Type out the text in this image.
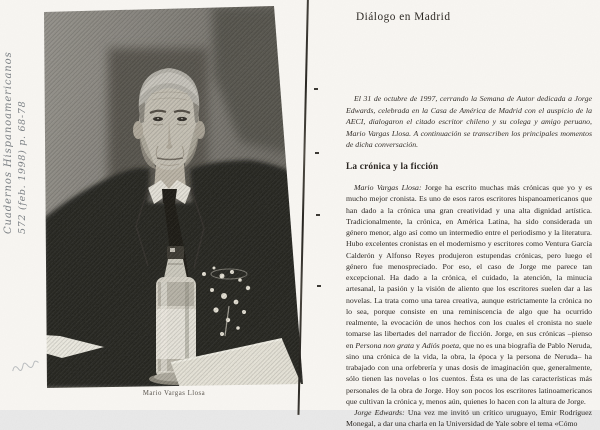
Cuadernos Hispanoamericanos 572 (feb. 1998) p. 68-78
Mario Vargas Llosa
Diálogo en Madrid
El 31 de octubre de 1997, cerrando la Semana de Autor dedicada a Jorge Edwards, celebrada en la Casa de América de Madrid con el auspicio de la AECI, dialogaron el citado escritor chileno y su colega y amigo peruano, Mario Vargas Llosa. A continuación se transcriben los principales momentos de dicha conversación.
La crónica y la ficción

Mario Vargas Llosa: Jorge ha escrito muchas más crónicas que yo y es mucho mejor cronista. Es uno de esos raros escritores hispanoamericanos que han dado a la crónica una gran creatividad y una alta dignidad artística. Tradicionalmente, la crónica, en América Latina, ha sido considerada un género menor, algo así como un intermedio entre el periodismo y la literatura. Hubo excelentes cronistas en el modernismo y escritores como Ventura García Calderón y Alfonso Reyes produjeron estupendas crónicas, pero luego el género fue menospreciado. Por eso, el caso de Jorge me parece tan excepcional. Ha dado a la crónica, el cuidado, la atención, la minucia artesanal, la pasión y la visión de aliento que los escritores suelen dar a las novelas. La trata como una tarea creativa, aunque estrictamente la crónica no lo sea, porque consiste en una reminiscencia de algo que ha ocurrido realmente, la evocación de unos hechos con los cuales el cronista no suele tomarse las libertades del narrador de ficción. Jorge, en sus crónicas –pienso en Persona non grata y Adiós poeta, que no es una biografía de Pablo Neruda, sino una crónica de la vida, la obra, la época y la persona de Neruda– ha trabajado con una orfebrería y unas dosis de imaginación que, generalmente, sólo tienen las novelas o los cuentos. Ésta es una de las características más personales de la obra de Jorge. Hoy son pocos los escritores latinoamericanos que cultivan la crónica y, menos aún, quienes lo hacen con la altura de Jorge.

Jorge Edwards: Una vez me invitó un crítico uruguayo, Emir Rodríguez Monegal, a dar una charla en la Universidad de Yale sobre el tema «Cómo
